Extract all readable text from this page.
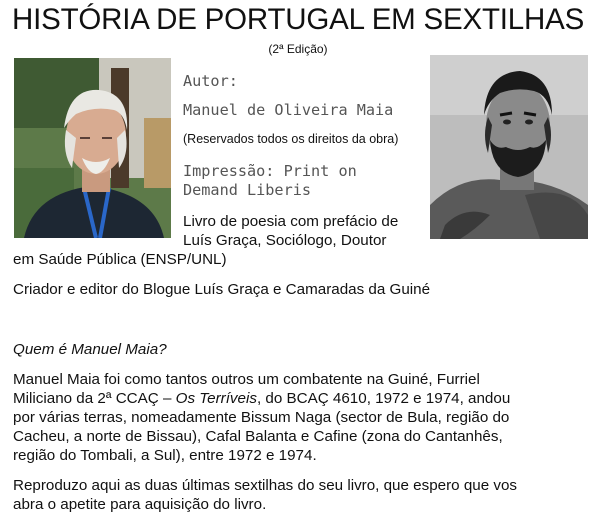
HISTÓRIA DE PORTUGAL EM SEXTILHAS
(2ª Edição)
Autor:
Manuel de Oliveira Maia
(Reservados todos os direitos da obra)
Impressão: Print on
Demand Liberis
Livro de poesia com prefácio de
Luís Graça, Sociólogo, Doutor
em Saúde Pública (ENSP/UNL)
Criador e editor do Blogue Luís Graça e Camaradas da Guiné
Quem é Manuel Maia?
Manuel Maia foi como tantos outros um combatente na Guiné, Furriel
Miliciano da 2ª CCAÇ – Os Terríveis, do BCAÇ 4610, 1972 e 1974, andou
por várias terras, nomeadamente Bissum Naga (sector de Bula, região do
Cacheu, a norte de Bissau), Cafal Balanta e Cafine (zona do Cantanhês,
região do Tombali, a Sul), entre 1972 e 1974.
Reproduzo aqui as duas últimas sextilhas do seu livro, que espero que vos
abra o apetite para aquisição do livro.
